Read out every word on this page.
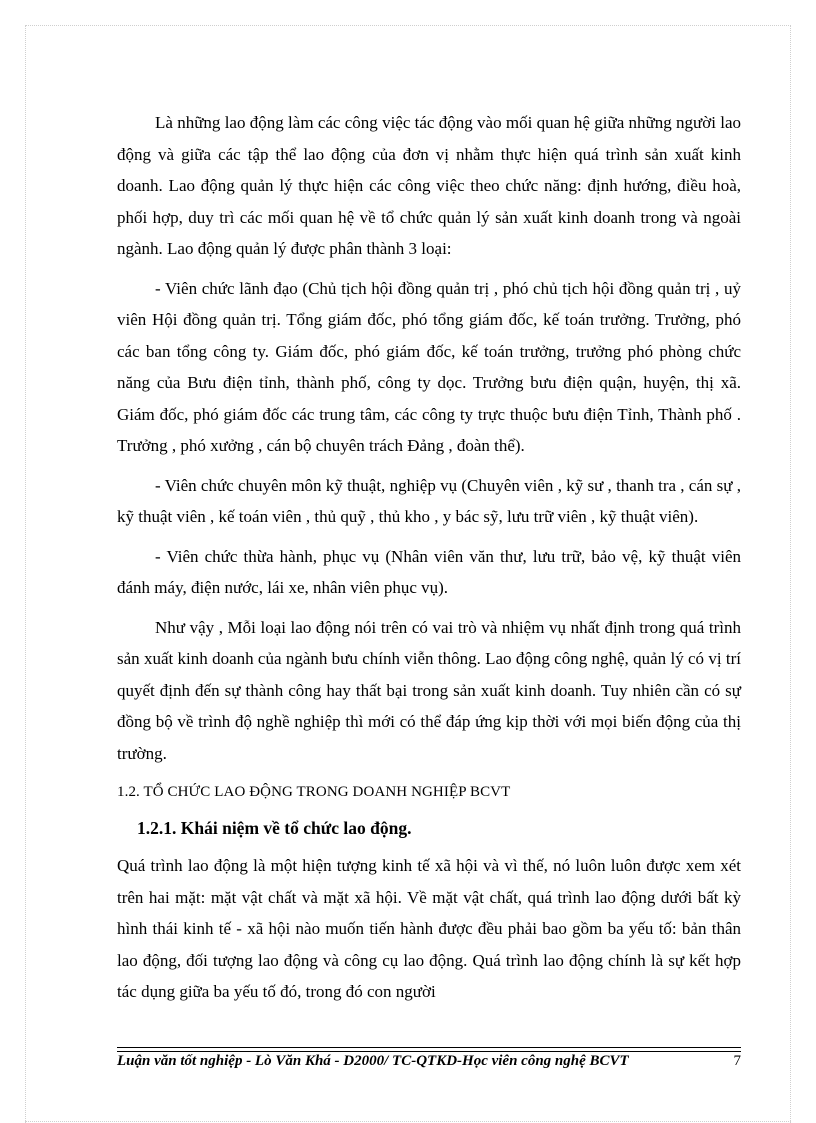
Là những lao động làm các công việc tác động vào mối quan hệ giữa những người lao động và giữa các tập thể lao động của đơn vị nhằm thực hiện quá trình sản xuất kinh doanh. Lao động quản lý thực hiện các công việc theo chức năng: định hướng, điều hoà, phối hợp, duy trì các mối quan hệ về tổ chức quản lý sản xuất kinh doanh trong và ngoài ngành. Lao động quản lý được phân thành 3 loại:

- Viên chức lãnh đạo (Chủ tịch hội đồng quản trị , phó chủ tịch hội đồng quản trị , uỷ viên Hội đồng quản trị. Tổng giám đốc, phó tổng giám đốc, kế toán trưởng. Trưởng, phó các ban tổng công ty. Giám đốc, phó giám đốc, kế toán trưởng, trưởng phó phòng chức năng của Bưu điện tỉnh, thành phố, công ty dọc. Trưởng bưu điện quận, huyện, thị xã. Giám đốc, phó giám đốc các trung tâm, các công ty trực thuộc bưu điện Tỉnh, Thành phố . Trưởng , phó xưởng , cán bộ chuyên trách Đảng , đoàn thể).

- Viên chức chuyên môn kỹ thuật, nghiệp vụ (Chuyên viên , kỹ sư , thanh tra , cán sự , kỹ thuật viên , kế toán viên , thủ quỹ , thủ kho , y bác sỹ, lưu trữ viên , kỹ thuật viên).

- Viên chức thừa hành, phục vụ (Nhân viên văn thư, lưu trữ, bảo vệ, kỹ thuật viên đánh máy, điện nước, lái xe, nhân viên phục vụ).

Như vậy , Mỗi loại lao động nói trên có vai trò và nhiệm vụ nhất định trong quá trình sản xuất kinh doanh của ngành bưu chính viễn thông. Lao động công nghệ, quản lý có vị trí quyết định đến sự thành công hay thất bại trong sản xuất kinh doanh. Tuy nhiên cần có sự đồng bộ về trình độ nghề nghiệp thì mới có thể đáp ứng kịp thời với mọi biến động của thị trường.

1.2. TỔ CHỨC LAO ĐỘNG TRONG DOANH NGHIỆP BCVT

1.2.1. Khái niệm về tổ chức lao động.

Quá trình lao động là một hiện tượng kinh tế xã hội và vì thế, nó luôn luôn được xem xét trên hai mặt: mặt vật chất và mặt xã hội. Về mặt vật chất, quá trình lao động dưới bất kỳ hình thái kinh tế - xã hội nào muốn tiến hành được đều phải bao gồm ba yếu tố: bản thân lao động, đối tượng lao động và công cụ lao động. Quá trình lao động chính là sự kết hợp tác dụng giữa ba yếu tố đó, trong đó con người

Luận văn tốt nghiệp - Lò Văn Khá - D2000/ TC-QTKD-Học viên công nghệ BCVT	7
